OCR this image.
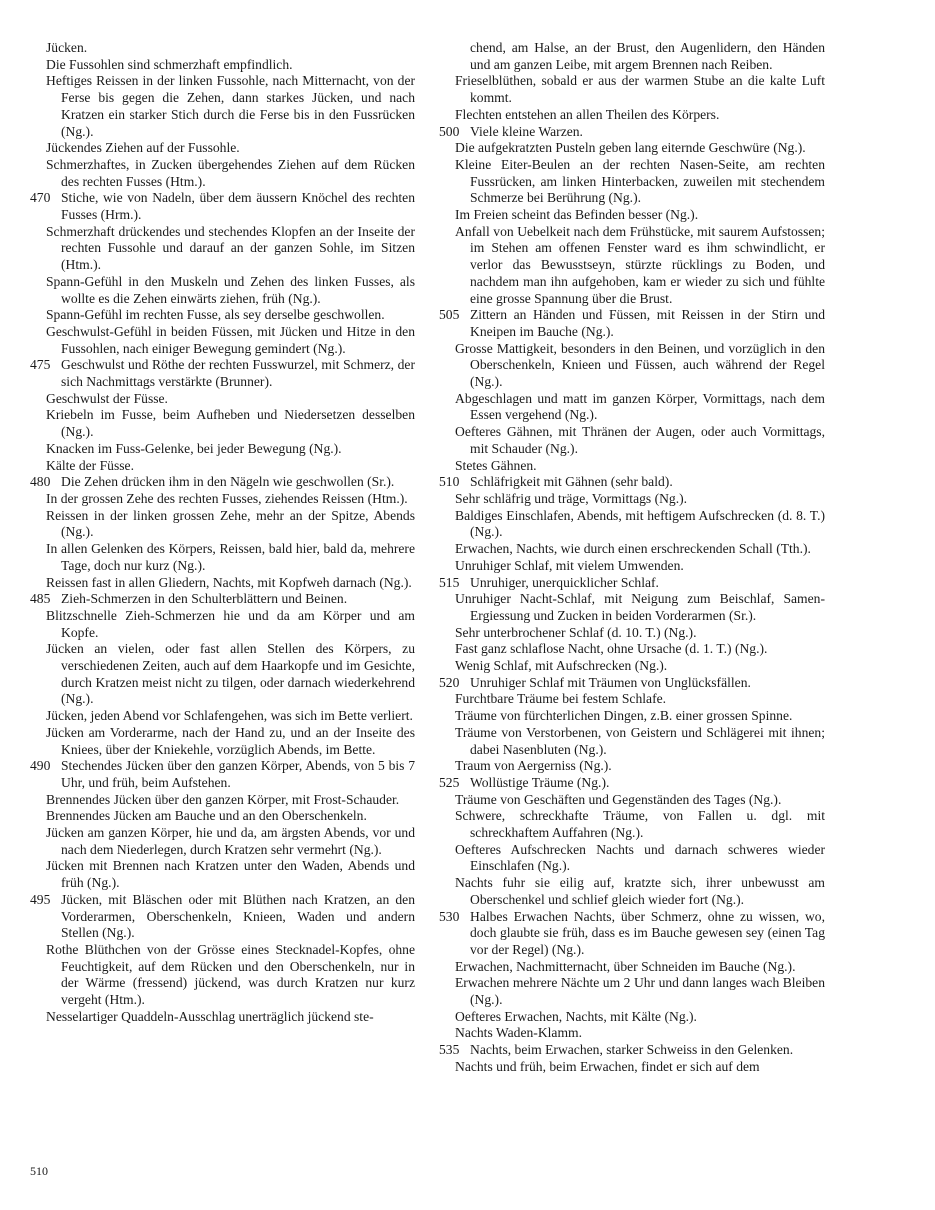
Jücken.
Die Fussohlen sind schmerzhaft empfindlich.
Heftiges Reissen in der linken Fussohle, nach Mitternacht, von der Ferse bis gegen die Zehen, dann starkes Jücken, und nach Kratzen ein starker Stich durch die Ferse bis in den Fussrücken (Ng.).
Jückendes Ziehen auf der Fussohle.
Schmerzhaftes, in Zucken übergehendes Ziehen auf dem Rücken des rechten Fusses (Htm.).
470 Stiche, wie von Nadeln, über dem äussern Knöchel des rechten Fusses (Hrm.).
Schmerzhaft drückendes und stechendes Klopfen an der Inseite der rechten Fussohle und darauf an der ganzen Sohle, im Sitzen (Htm.).
Spann-Gefühl in den Muskeln und Zehen des linken Fusses, als wollte es die Zehen einwärts ziehen, früh (Ng.).
Spann-Gefühl im rechten Fusse, als sey derselbe geschwollen.
Geschwulst-Gefühl in beiden Füssen, mit Jücken und Hitze in den Fussohlen, nach einiger Bewegung gemindert (Ng.).
475 Geschwulst und Röthe der rechten Fusswurzel, mit Schmerz, der sich Nachmittags verstärkte (Brunner).
Geschwulst der Füsse.
Kriebeln im Fusse, beim Aufheben und Niedersetzen desselben (Ng.).
Knacken im Fuss-Gelenke, bei jeder Bewegung (Ng.).
Kälte der Füsse.
480 Die Zehen drücken ihm in den Nägeln wie geschwollen (Sr.).
In der grossen Zehe des rechten Fusses, ziehendes Reissen (Htm.).
Reissen in der linken grossen Zehe, mehr an der Spitze, Abends (Ng.).
In allen Gelenken des Körpers, Reissen, bald hier, bald da, mehrere Tage, doch nur kurz (Ng.).
Reissen fast in allen Gliedern, Nachts, mit Kopfweh darnach (Ng.).
485 Zieh-Schmerzen in den Schulterblättern und Beinen.
Blitzschnelle Zieh-Schmerzen hie und da am Körper und am Kopfe.
Jücken an vielen, oder fast allen Stellen des Körpers, zu verschiedenen Zeiten, auch auf dem Haarkopfe und im Gesichte, durch Kratzen meist nicht zu tilgen, oder darnach wiederkehrend (Ng.).
Jücken, jeden Abend vor Schlafengehen, was sich im Bette verliert.
Jücken am Vorderarme, nach der Hand zu, und an der Inseite des Kniees, über der Kniekehle, vorzüglich Abends, im Bette.
490 Stechendes Jücken über den ganzen Körper, Abends, von 5 bis 7 Uhr, und früh, beim Aufstehen.
Brennendes Jücken über den ganzen Körper, mit Frost-Schauder.
Brennendes Jücken am Bauche und an den Oberschenkeln.
Jücken am ganzen Körper, hie und da, am ärgsten Abends, vor und nach dem Niederlegen, durch Kratzen sehr vermehrt (Ng.).
Jücken mit Brennen nach Kratzen unter den Waden, Abends und früh (Ng.).
495 Jücken, mit Bläschen oder mit Blüthen nach Kratzen, an den Vorderarmen, Oberschenkeln, Knieen, Waden und andern Stellen (Ng.).
Rothe Blüthchen von der Grösse eines Stecknadel-Kopfes, ohne Feuchtigkeit, auf dem Rücken und den Oberschenkeln, nur in der Wärme (fressend) jückend, was durch Kratzen nur kurz vergeht (Htm.).
Nesselartiger Quaddeln-Ausschlag unerträglich jückend ste-
chend, am Halse, an der Brust, den Augenlidern, den Händen und am ganzen Leibe, mit argem Brennen nach Reiben.
Frieselblüthen, sobald er aus der warmen Stube an die kalte Luft kommt.
Flechten entstehen an allen Theilen des Körpers.
500 Viele kleine Warzen.
Die aufgekratzten Pusteln geben lang eiternde Geschwüre (Ng.).
Kleine Eiter-Beulen an der rechten Nasen-Seite, am rechten Fussrücken, am linken Hinterbacken, zuweilen mit stechendem Schmerze bei Berührung (Ng.).
Im Freien scheint das Befinden besser (Ng.).
Anfall von Uebelkeit nach dem Frühstücke, mit saurem Aufstossen; im Stehen am offenen Fenster ward es ihm schwindlicht, er verlor das Bewusstseyn, stürzte rücklings zu Boden, und nachdem man ihn aufgehoben, kam er wieder zu sich und fühlte eine grosse Spannung über die Brust.
505 Zittern an Händen und Füssen, mit Reissen in der Stirn und Kneipen im Bauche (Ng.).
Grosse Mattigkeit, besonders in den Beinen, und vorzüglich in den Oberschenkeln, Knieen und Füssen, auch während der Regel (Ng.).
Abgeschlagen und matt im ganzen Körper, Vormittags, nach dem Essen vergehend (Ng.).
Oefteres Gähnen, mit Thränen der Augen, oder auch Vormittags, mit Schauder (Ng.).
Stetes Gähnen.
510 Schläfrigkeit mit Gähnen (sehr bald).
Sehr schläfrig und träge, Vormittags (Ng.).
Baldiges Einschlafen, Abends, mit heftigem Aufschrecken (d. 8. T.) (Ng.).
Erwachen, Nachts, wie durch einen erschreckenden Schall (Tth.).
Unruhiger Schlaf, mit vielem Umwenden.
515 Unruhiger, unerquicklicher Schlaf.
Unruhiger Nacht-Schlaf, mit Neigung zum Beischlaf, Samen-Ergiessung und Zucken in beiden Vorderarmen (Sr.).
Sehr unterbrochener Schlaf (d. 10. T.) (Ng.).
Fast ganz schlaflose Nacht, ohne Ursache (d. 1. T.) (Ng.).
Wenig Schlaf, mit Aufschrecken (Ng.).
520 Unruhiger Schlaf mit Träumen von Unglücksfällen.
Furchtbare Träume bei festem Schlafe.
Träume von fürchterlichen Dingen, z.B. einer grossen Spinne.
Träume von Verstorbenen, von Geistern und Schlägerei mit ihnen; dabei Nasenbluten (Ng.).
Traum von Aergerniss (Ng.).
525 Wollüstige Träume (Ng.).
Träume von Geschäften und Gegenständen des Tages (Ng.).
Schwere, schreckhafte Träume, von Fallen u. dgl. mit schreckhaftem Auffahren (Ng.).
Oefteres Aufschrecken Nachts und darnach schweres wieder Einschlafen (Ng.).
Nachts fuhr sie eilig auf, kratzte sich, ihrer unbewusst am Oberschenkel und schlief gleich wieder fort (Ng.).
530 Halbes Erwachen Nachts, über Schmerz, ohne zu wissen, wo, doch glaubte sie früh, dass es im Bauche gewesen sey (einen Tag vor der Regel) (Ng.).
Erwachen, Nachmitternacht, über Schneiden im Bauche (Ng.).
Erwachen mehrere Nächte um 2 Uhr und dann langes wach Bleiben (Ng.).
Oefteres Erwachen, Nachts, mit Kälte (Ng.).
Nachts Waden-Klamm.
535 Nachts, beim Erwachen, starker Schweiss in den Gelenken.
Nachts und früh, beim Erwachen, findet er sich auf dem
510
